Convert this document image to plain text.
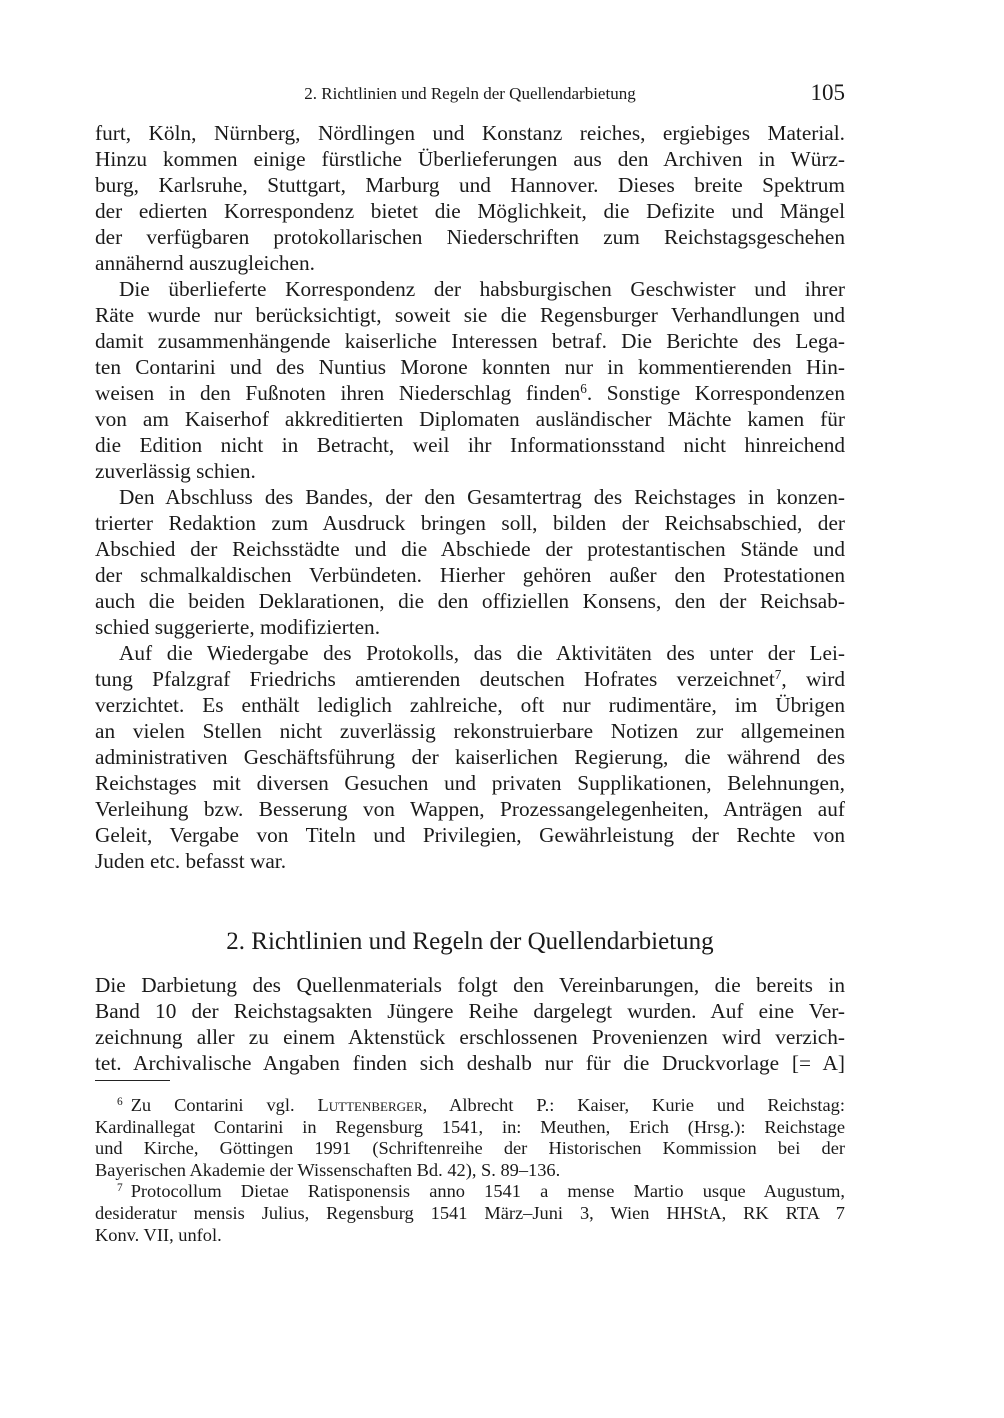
2. Richtlinien und Regeln der Quellendarbietung	105
furt, Köln, Nürnberg, Nördlingen und Konstanz reiches, ergiebiges Material.
Hinzu kommen einige fürstliche Überlieferungen aus den Archiven in Würz-
burg, Karlsruhe, Stuttgart, Marburg und Hannover. Dieses breite Spektrum
der edierten Korrespondenz bietet die Möglichkeit, die Defizite und Mängel
der verfügbaren protokollarischen Niederschriften zum Reichstagsgeschehen
annähernd auszugleichen.
Die überlieferte Korrespondenz der habsburgischen Geschwister und ihrer
Räte wurde nur berücksichtigt, soweit sie die Regensburger Verhandlungen und
damit zusammenhängende kaiserliche Interessen betraf. Die Berichte des Lega-
ten Contarini und des Nuntius Morone konnten nur in kommentierenden Hin-
weisen in den Fußnoten ihren Niederschlag finden$^6$. Sonstige Korrespondenzen
von am Kaiserhof akkreditierten Diplomaten ausländischer Mächte kamen für
die Edition nicht in Betracht, weil ihr Informationsstand nicht hinreichend
zuverlässig schien.
Den Abschluss des Bandes, der den Gesamtertrag des Reichstages in konzen-
trierter Redaktion zum Ausdruck bringen soll, bilden der Reichsabschied, der
Abschied der Reichsstädte und die Abschiede der protestantischen Stände und
der schmalkaldischen Verbündeten. Hierher gehören außer den Protestationen
auch die beiden Deklarationen, die den offiziellen Konsens, den der Reichsab-
schied suggerierte, modifizierten.
Auf die Wiedergabe des Protokolls, das die Aktivitäten des unter der Lei-
tung Pfalzgraf Friedrichs amtierenden deutschen Hofrates verzeichnet$^7$, wird
verzichtet. Es enthält lediglich zahlreiche, oft nur rudimentäre, im Übrigen
an vielen Stellen nicht zuverlässig rekonstruierbare Notizen zur allgemeinen
administrativen Geschäftsführung der kaiserlichen Regierung, die während des
Reichstages mit diversen Gesuchen und privaten Supplikationen, Belehnungen,
Verleihung bzw. Besserung von Wappen, Prozessangelegenheiten, Anträgen auf
Geleit, Vergabe von Titeln und Privilegien, Gewährleistung der Rechte von
Juden etc. befasst war.
2. Richtlinien und Regeln der Quellendarbietung
Die Darbietung des Quellenmaterials folgt den Vereinbarungen, die bereits in
Band 10 der Reichstagsakten Jüngere Reihe dargelegt wurden. Auf eine Ver-
zeichnung aller zu einem Aktenstück erschlossenen Provenienzen wird verzich-
tet. Archivalische Angaben finden sich deshalb nur für die Druckvorlage [= A]
$^6$ Zu Contarini vgl. Luttenberger, Albrecht P.: Kaiser, Kurie und Reichstag:
Kardinallegat Contarini in Regensburg 1541, in: Meuthen, Erich (Hrsg.): Reichstage
und Kirche, Göttingen 1991 (Schriftenreihe der Historischen Kommission bei der
Bayerischen Akademie der Wissenschaften Bd. 42), S. 89–136.
$^7$ Protocollum Dietae Ratisponensis anno 1541 a mense Martio usque Augustum,
desideratur mensis Julius, Regensburg 1541 März–Juni 3, Wien HHStA, RK RTA 7
Konv. VII, unfol.
